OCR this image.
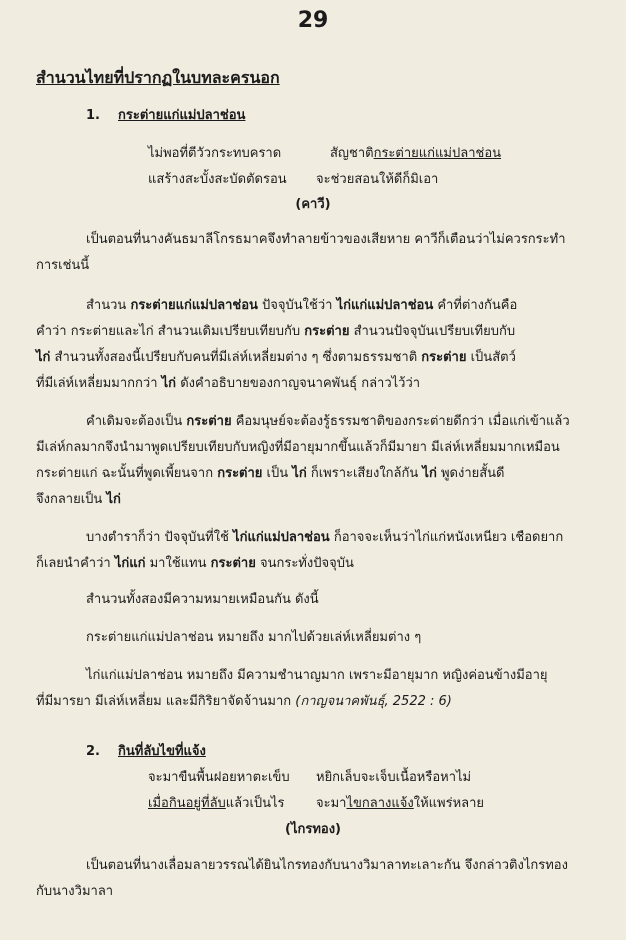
29
สำนวนไทยที่ปรากฏในบทละครนอก
1. กระต่ายแก่แม่ปลาช่อน
ไม่พอที่ตีวัวกระทบคราด	สัญชาติกระต่ายแก่แม่ปลาช่อน
แสร้างสะบั้งสะบัดตัดรอน จะช่วยสอนให้ดีก็มิเอา
(คาวี)
เป็นตอนที่นางคันธมาลีโกรธมาคจึงทำลายข้าวของเสียหาย คาวีก็เตือนว่าไม่ควรกระทำ
การเช่นนี้
สำนวน กระต่ายแก่แม่ปลาช่อน ปัจจุบันใช้ว่า ไก่แก่แม่ปลาช่อน คำที่ต่างกันคือ
คำว่า กระต่ายและไก่ สำนวนเดิมเปรียบเทียบกับ กระต่าย สำนวนปัจจุบันเปรียบเทียบกับ
ไก่ สำนวนทั้งสองนี้เปรียบกับคนที่มีเล่ห์เหลี่ยมต่าง ๆ ซึ่งตามธรรมชาติ กระต่าย เป็นสัตว์
ที่มีเล่ห์เหลี่ยมมากกว่า ไก่ ดังคำอธิบายของกาญจนาคพันธุ์ กล่าวไว้ว่า
คำเดิมจะต้องเป็น กระต่าย คือมนุษย์จะต้องรู้ธรรมชาติของกระต่ายดีกว่า เมื่อแก่เข้าแล้ว
มีเล่ห์กลมากจึงนำมาพูดเปรียบเทียบกับหญิงที่มีอายุมากขึ้นแล้วก็มีมายา มีเล่ห์เหลี่ยมมากเหมือน
กระต่ายแก่ ฉะนั้นที่พูดเพี้ยนจาก กระต่าย เป็น ไก่ ก็เพราะเสียงใกล้กัน ไก่ พูดง่ายสั้นดี
จึงกลายเป็น ไก่
บางตำราก็ว่า ปัจจุบันที่ใช้ ไก่แก่แม่ปลาช่อน ก็อาจจะเห็นว่าไก่แก่หนังเหนียว เชือดยาก
ก็เลยนำคำว่า ไก่แก่ มาใช้แทน กระต่าย จนกระทั่งปัจจุบัน
สำนวนทั้งสองมีความหมายเหมือนกัน ดังนี้
กระต่ายแก่แม่ปลาช่อน หมายถึง มากไปด้วยเล่ห์เหลี่ยมต่าง ๆ
ไก่แก่แม่ปลาช่อน หมายถึง มีความชำนาญมาก เพราะมีอายุมาก หญิงค่อนข้างมีอายุ
ที่มีมารยา มีเล่ห์เหลี่ยม และมีกิริยาจัดจ้านมาก (กาญจนาคพันธุ์, 2522 : 6)
2. กินที่ลับไขที่แจ้ง
จะมาขืนพื้นฝอยหาตะเข็บ หยิกเล็บจะเจ็บเนื้อหรือหาไม่
เมื่อกินอยู่ที่ลับแล้วเป็นไร จะมาไขกลางแจ้งให้แพร่หลาย
(ไกรทอง)
เป็นตอนที่นางเลื่อมลายวรรณได้ยินไกรทองกับนางวิมาลาทะเลาะกัน จึงกล่าวติงไกรทอง
กับนางวิมาลา
